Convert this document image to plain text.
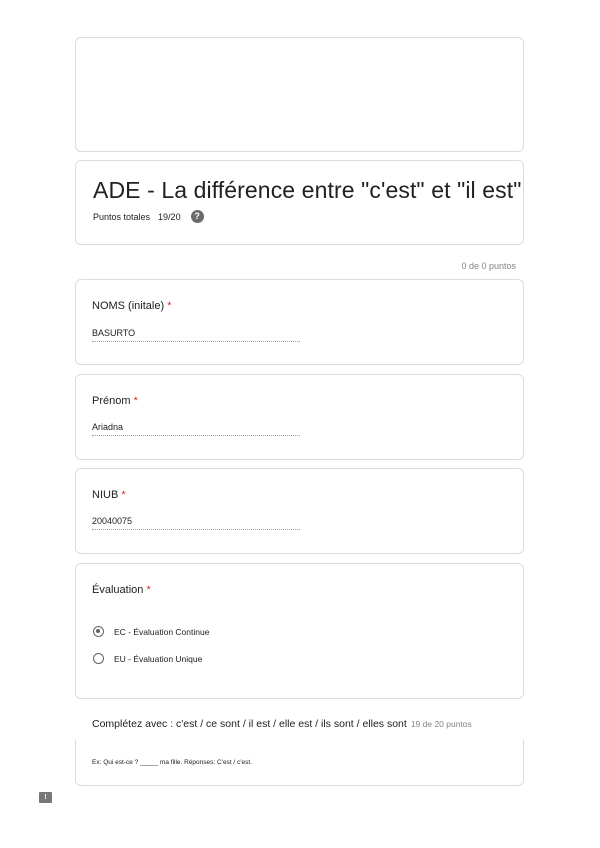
ADE - La différence entre "c'est" et "il est"
Puntos totales 19/20	?
0 de 0 puntos
NOMS (initale) *
BASURTO
Prénom *
Ariadna
NIUB *
20040075
Évaluation *
EC - Évaluation Continue
EU - Évaluation Unique
Complétez avec : c'est / ce sont / il est / elle est / ils sont / elles sont 19 de 20 puntos
Ex: Qui est-ce ? _____ ma fille. Réponses: C'est / c'est.
!
